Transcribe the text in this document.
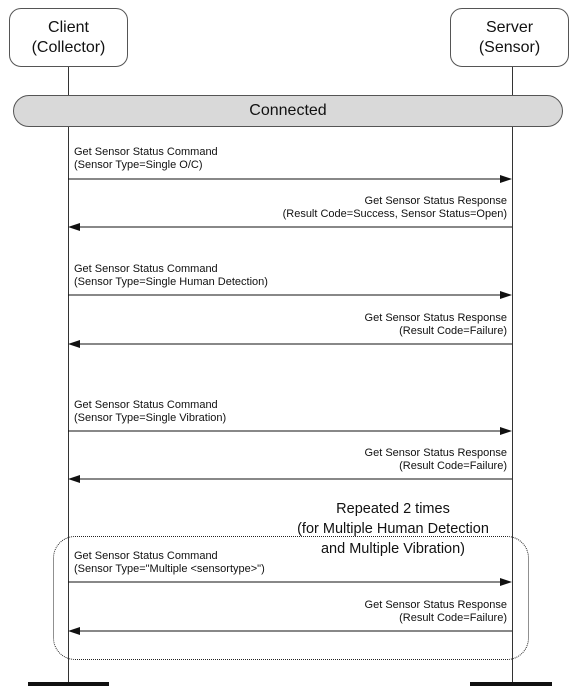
Client
(Collector)
Server
(Sensor)
Connected
Repeated 2 times
(for Multiple Human Detection
and Multiple Vibration)
Get Sensor Status Command
(Sensor Type=Single O/C)
Get Sensor Status Response
(Result Code=Success, Sensor Status=Open)
Get Sensor Status Command
(Sensor Type=Single Human Detection)
Get Sensor Status Response
(Result Code=Failure)
Get Sensor Status Command
(Sensor Type=Single Vibration)
Get Sensor Status Response
(Result Code=Failure)
Get Sensor Status Command
(Sensor Type="Multiple <sensortype>")
Get Sensor Status Response
(Result Code=Failure)
